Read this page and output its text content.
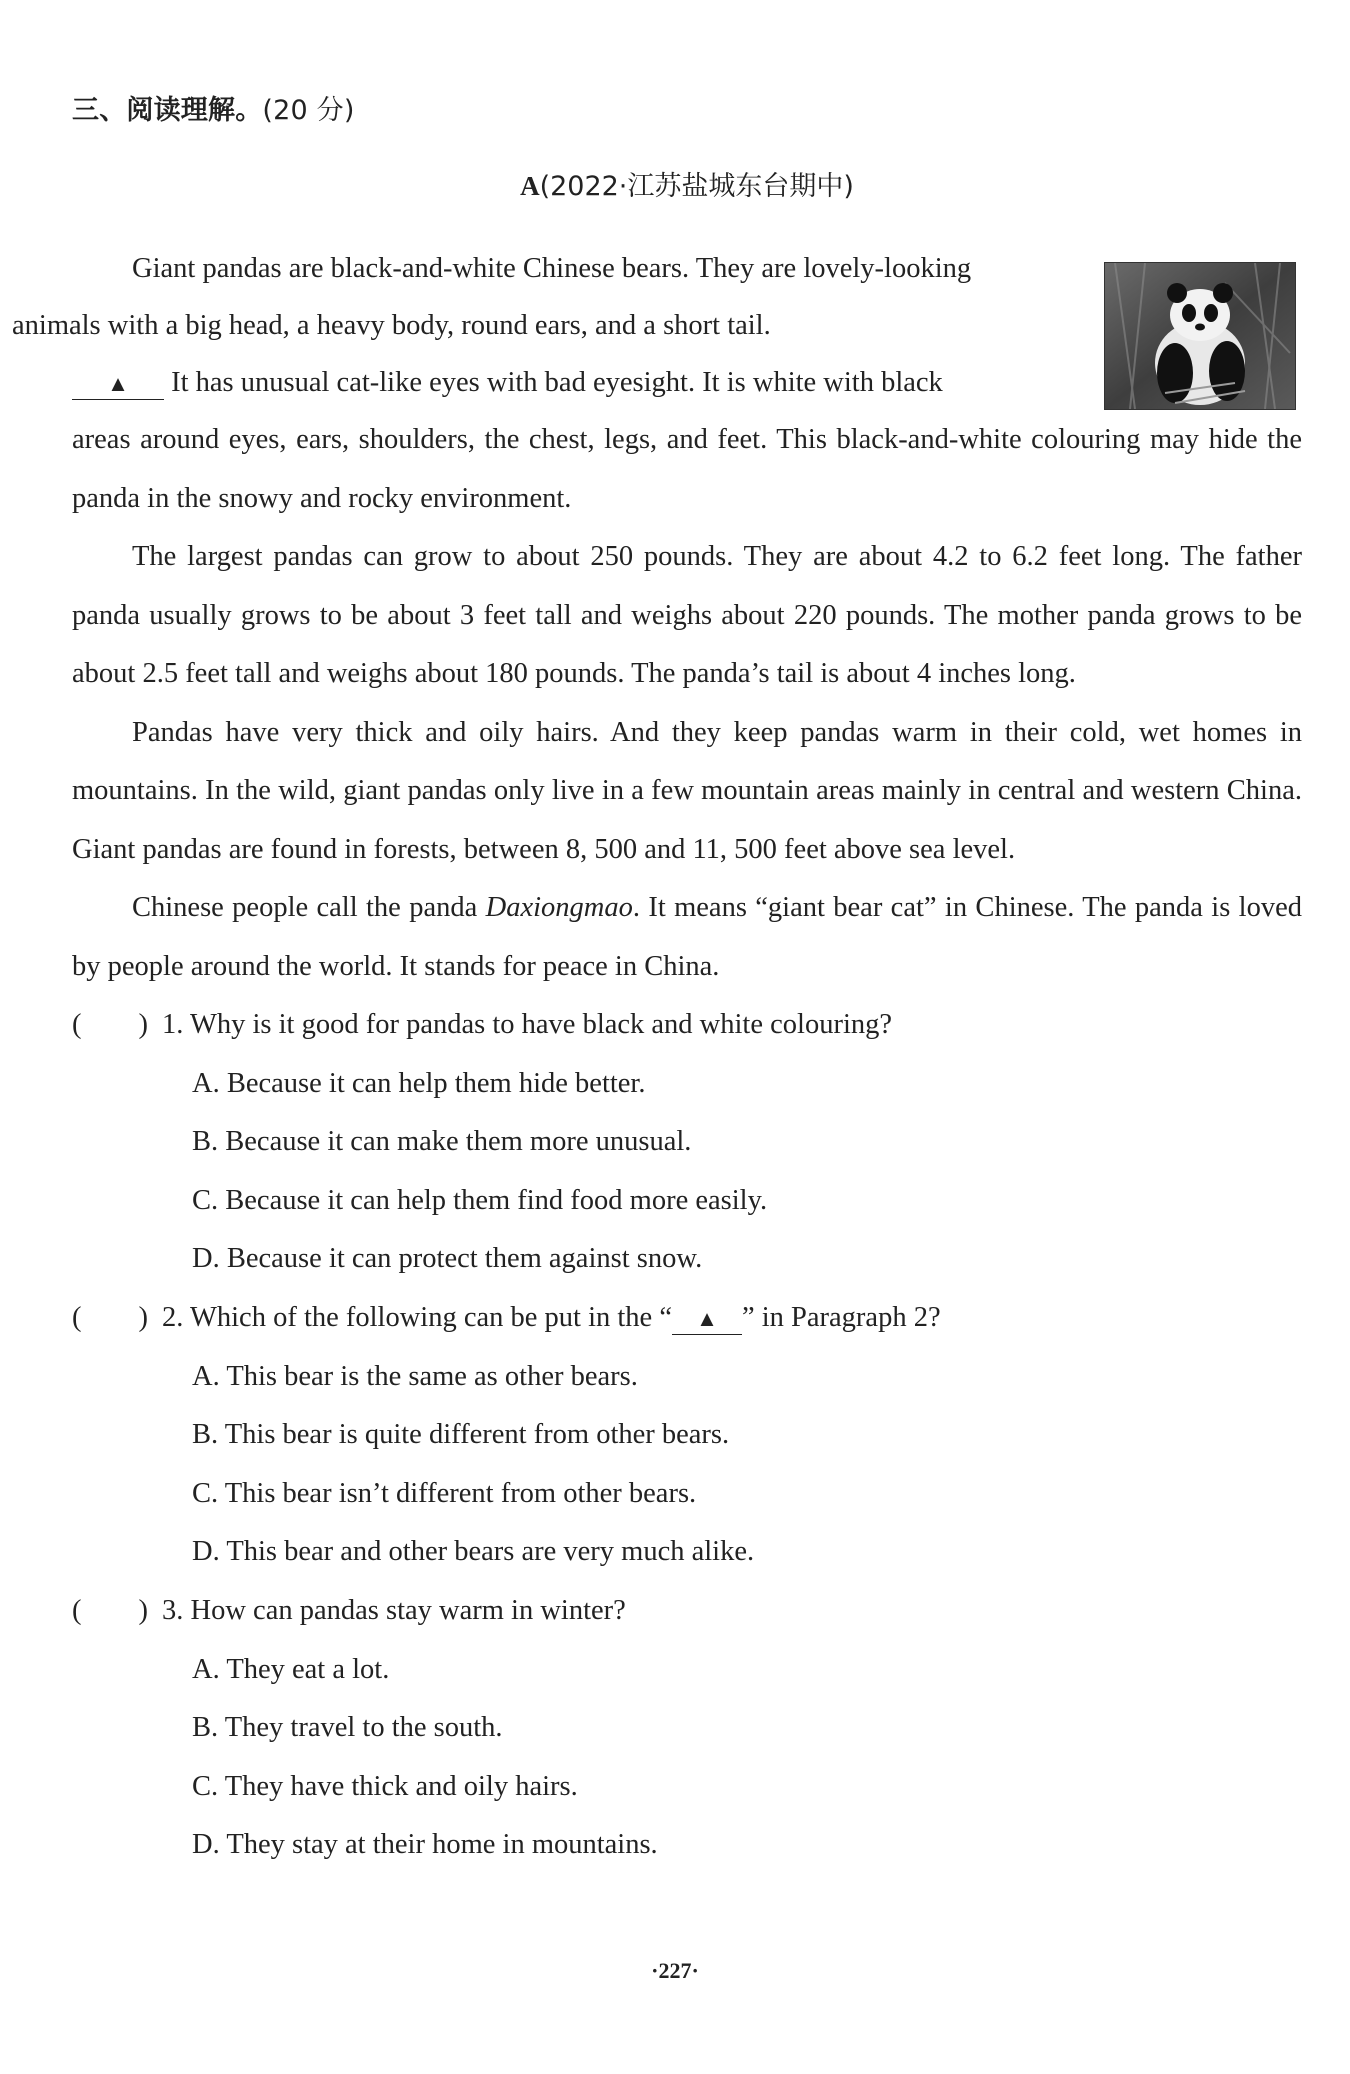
三、阅读理解。(20 分)

A(2022·江苏盐城东台期中)

Giant pandas are black-and-white Chinese bears. They are lovely-looking
animals with a big head, a heavy body, round ears, and a short tail.
▲ It has unusual cat-like eyes with bad eyesight. It is white with black

areas around eyes, ears, shoulders, the chest, legs, and feet. This black-and-white colouring may hide the panda in the snowy and rocky environment.

The largest pandas can grow to about 250 pounds. They are about 4.2 to 6.2 feet long. The father panda usually grows to be about 3 feet tall and weighs about 220 pounds. The mother panda grows to be about 2.5 feet tall and weighs about 180 pounds. The panda’s tail is about 4 inches long.

Pandas have very thick and oily hairs. And they keep pandas warm in their cold, wet homes in mountains. In the wild, giant pandas only live in a few mountain areas mainly in central and western China. Giant pandas are found in forests, between 8, 500 and 11, 500 feet above sea level.

Chinese people call the panda Daxiongmao. It means “giant bear cat” in Chinese. The panda is loved by people around the world. It stands for peace in China.

(　　) 1. Why is it good for pandas to have black and white colouring?

A. Because it can help them hide better.
B. Because it can make them more unusual.
C. Because it can help them find food more easily.
D. Because it can protect them against snow.

(　　) 2. Which of the following can be put in the “ ▲ ” in Paragraph 2?

A. This bear is the same as other bears.
B. This bear is quite different from other bears.
C. This bear isn’t different from other bears.
D. This bear and other bears are very much alike.

(　　) 3. How can pandas stay warm in winter?

A. They eat a lot.
B. They travel to the south.
C. They have thick and oily hairs.
D. They stay at their home in mountains.
·227·
